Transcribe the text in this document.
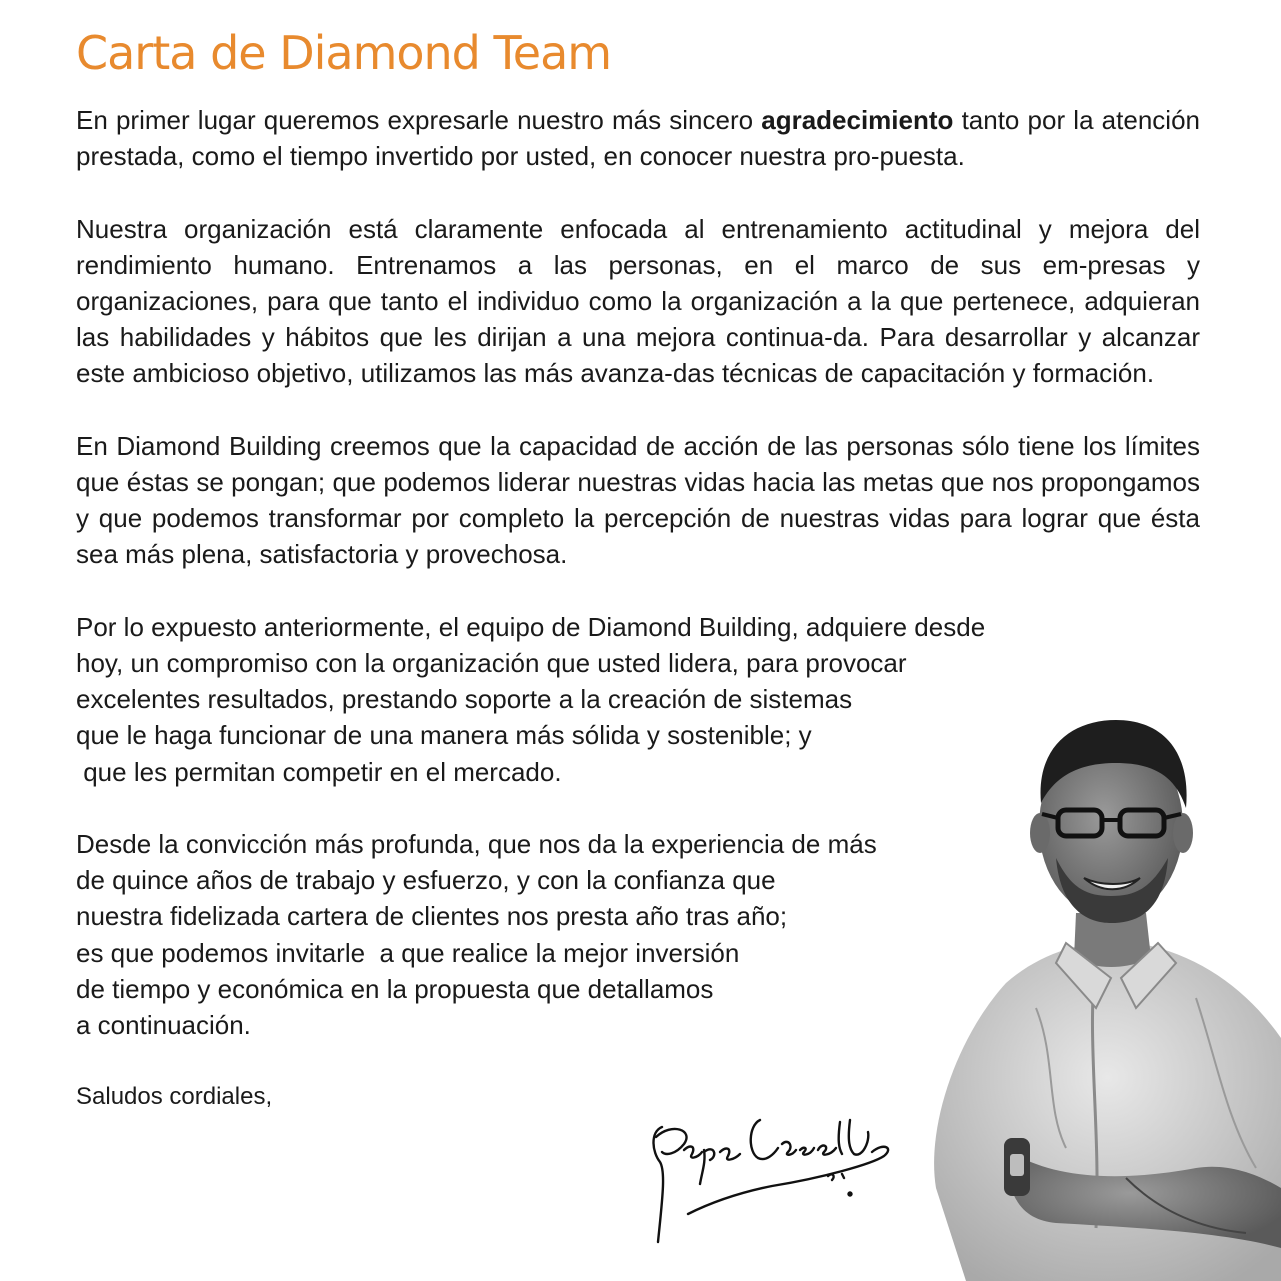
Carta de Diamond Team

En primer lugar queremos expresarle nuestro más sincero agradecimiento tanto por la atención prestada, como el tiempo invertido por usted, en conocer nuestra pro-puesta.

Nuestra organización está claramente enfocada al entrenamiento actitudinal y mejora del rendimiento humano. Entrenamos a las personas, en el marco de sus em-presas y organizaciones, para que tanto el individuo como la organización a la que pertenece, adquieran las habilidades y hábitos que les dirijan a una mejora continua-da. Para desarrollar y alcanzar este ambicioso objetivo, utilizamos las más avanza-das técnicas de capacitación y formación.

En Diamond Building creemos que la capacidad de acción de las personas sólo tiene los límites que éstas se pongan; que podemos liderar nuestras vidas hacia las metas que nos propongamos y que podemos transformar por completo la percepción de nuestras vidas para lograr que ésta sea más plena, satisfactoria y provechosa.

Por lo expuesto anteriormente, el equipo de Diamond Building, adquiere desde
hoy, un compromiso con la organización que usted lidera, para provocar
excelentes resultados, prestando soporte a la creación de sistemas
que le haga funcionar de una manera más sólida y sostenible; y
que les permitan competir en el mercado.

Desde la convicción más profunda, que nos da la experiencia de más
de quince años de trabajo y esfuerzo, y con la confianza que
nuestra fidelizada cartera de clientes nos presta año tras año;
es que podemos invitarle  a que realice la mejor inversión
de tiempo y económica en la propuesta que detallamos
a continuación.

Saludos cordiales,
